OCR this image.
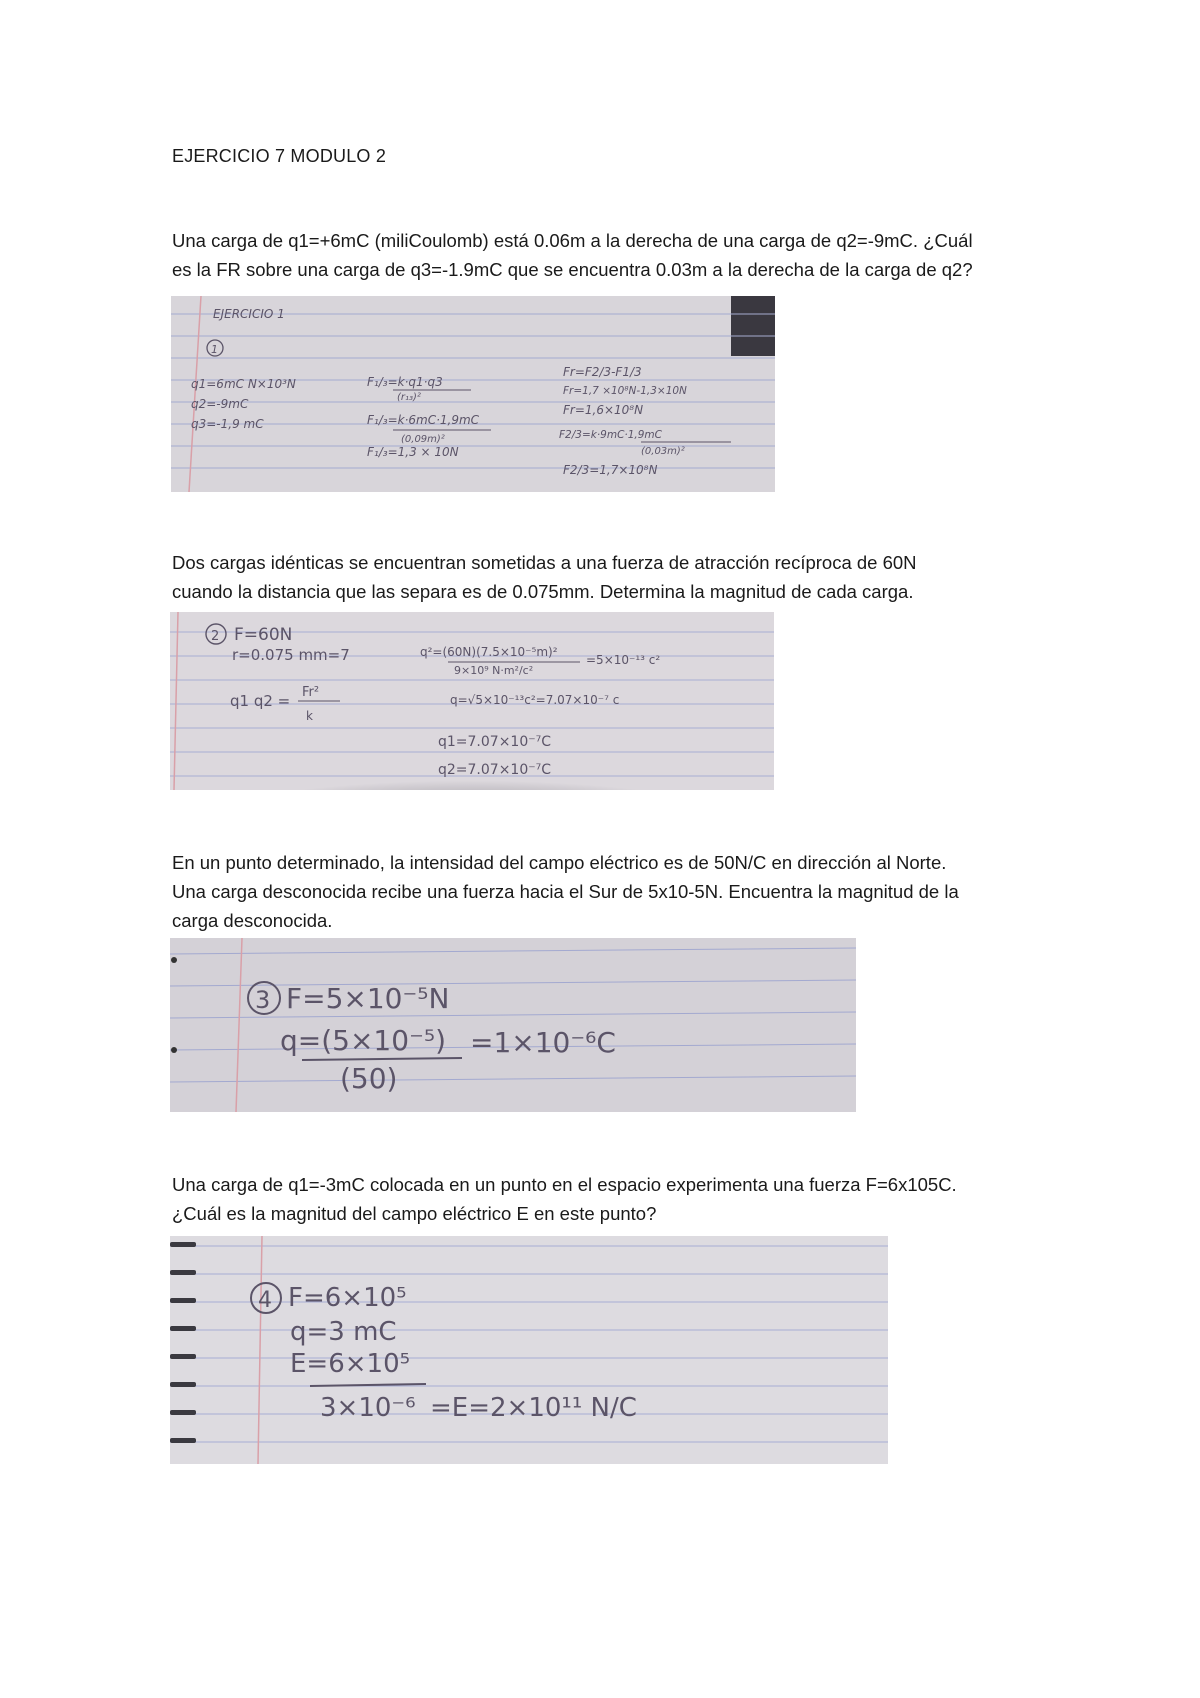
EJERCICIO 7 MODULO 2

Una carga de q1=+6mC (miliCoulomb) está 0.06m a la derecha de una carga de q2=-9mC. ¿Cuál
es la FR sobre una carga de q3=-1.9mC que se encuentra 0.03m a la derecha de la carga de q2?

EJERCICIO 1
1
q1=6mC N×10³N
q2=-9mC
q3=-1,9 mC
F₁/₃=k·q1·q3
(r₁₃)²
F₁/₃=k·6mC·1,9mC
(0,09m)²
F₁/₃=1,3 × 10N
Fr=F2/3-F1/3
Fr=1,7 ×10⁸N-1,3×10N
Fr=1,6×10⁸N
F2/3=k·9mC·1,9mC
(0,03m)²
F2/3=1,7×10⁸N

Dos cargas idénticas se encuentran sometidas a una fuerza de atracción recíproca de 60N
cuando la distancia que las separa es de 0.075mm. Determina la magnitud de cada carga.

2 F=60N
r=0.075 mm=7
q1 q2 = Fr²
k
q²=(60N)(7.5×10⁻⁵m)²
9×10⁹ N·m²/c²
=5×10⁻¹³ c²
q=√5×10⁻¹³c²=7.07×10⁻⁷ c
q1=7.07×10⁻⁷C
q2=7.07×10⁻⁷C

En un punto determinado, la intensidad del campo eléctrico es de 50N/C en dirección al Norte.
Una carga desconocida recibe una fuerza hacia el Sur de 5x10-5N. Encuentra la magnitud de la
carga desconocida.

3 F=5×10⁻⁵N
q=(5×10⁻⁵) =1×10⁻⁶C
(50)

Una carga de q1=-3mC colocada en un punto en el espacio experimenta una fuerza F=6x105C.
¿Cuál es la magnitud del campo eléctrico E en este punto?

4 F=6×10⁵
q=3 mC
E=6×10⁵
3×10⁻⁶ =E=2×10¹¹ N/C
